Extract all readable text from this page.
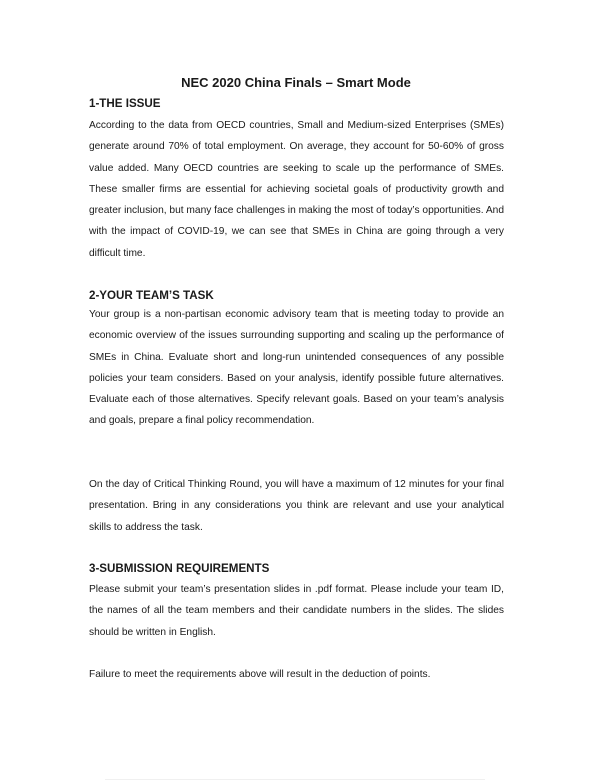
NEC 2020 China Finals – Smart Mode
1-THE ISSUE

According to the data from OECD countries, Small and Medium-sized Enterprises (SMEs) generate around 70% of total employment. On average, they account for 50-60% of gross value added. Many OECD countries are seeking to scale up the performance of SMEs. These smaller firms are essential for achieving societal goals of productivity growth and greater inclusion, but many face challenges in making the most of today’s opportunities. And with the impact of COVID-19, we can see that SMEs in China are going through a very difficult time.

2-YOUR TEAM’S TASK

Your group is a non-partisan economic advisory team that is meeting today to provide an economic overview of the issues surrounding supporting and scaling up the performance of SMEs in China. Evaluate short and long-run unintended consequences of any possible policies your team considers. Based on your analysis, identify possible future alternatives. Evaluate each of those alternatives. Specify relevant goals. Based on your team’s analysis and goals, prepare a final policy recommendation.

On the day of Critical Thinking Round, you will have a maximum of 12 minutes for your final presentation. Bring in any considerations you think are relevant and use your analytical skills to address the task.

3-SUBMISSION REQUIREMENTS

Please submit your team’s presentation slides in .pdf format. Please include your team ID, the names of all the team members and their candidate numbers in the slides. The slides should be written in English.

Failure to meet the requirements above will result in the deduction of points.
